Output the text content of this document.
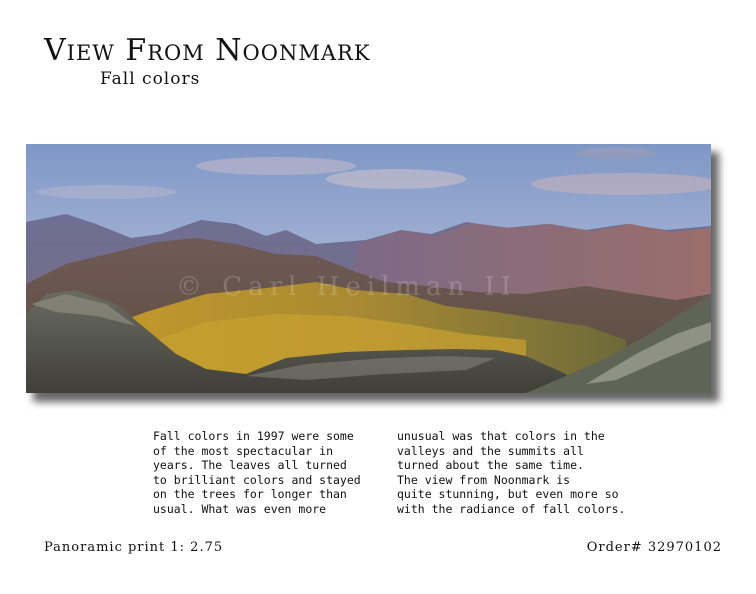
View From Noonmark
Fall colors
© Carl Heilman II
Fall colors in 1997 were some
of the most spectacular in
years. The leaves all turned
to brilliant colors and stayed
on the trees for longer than
usual. What was even more
unusual was that colors in the
valleys and the summits all
turned about the same time.
The view from Noonmark is
quite stunning, but even more so
with the radiance of fall colors.
Panoramic print 1: 2.75	Order# 32970102
